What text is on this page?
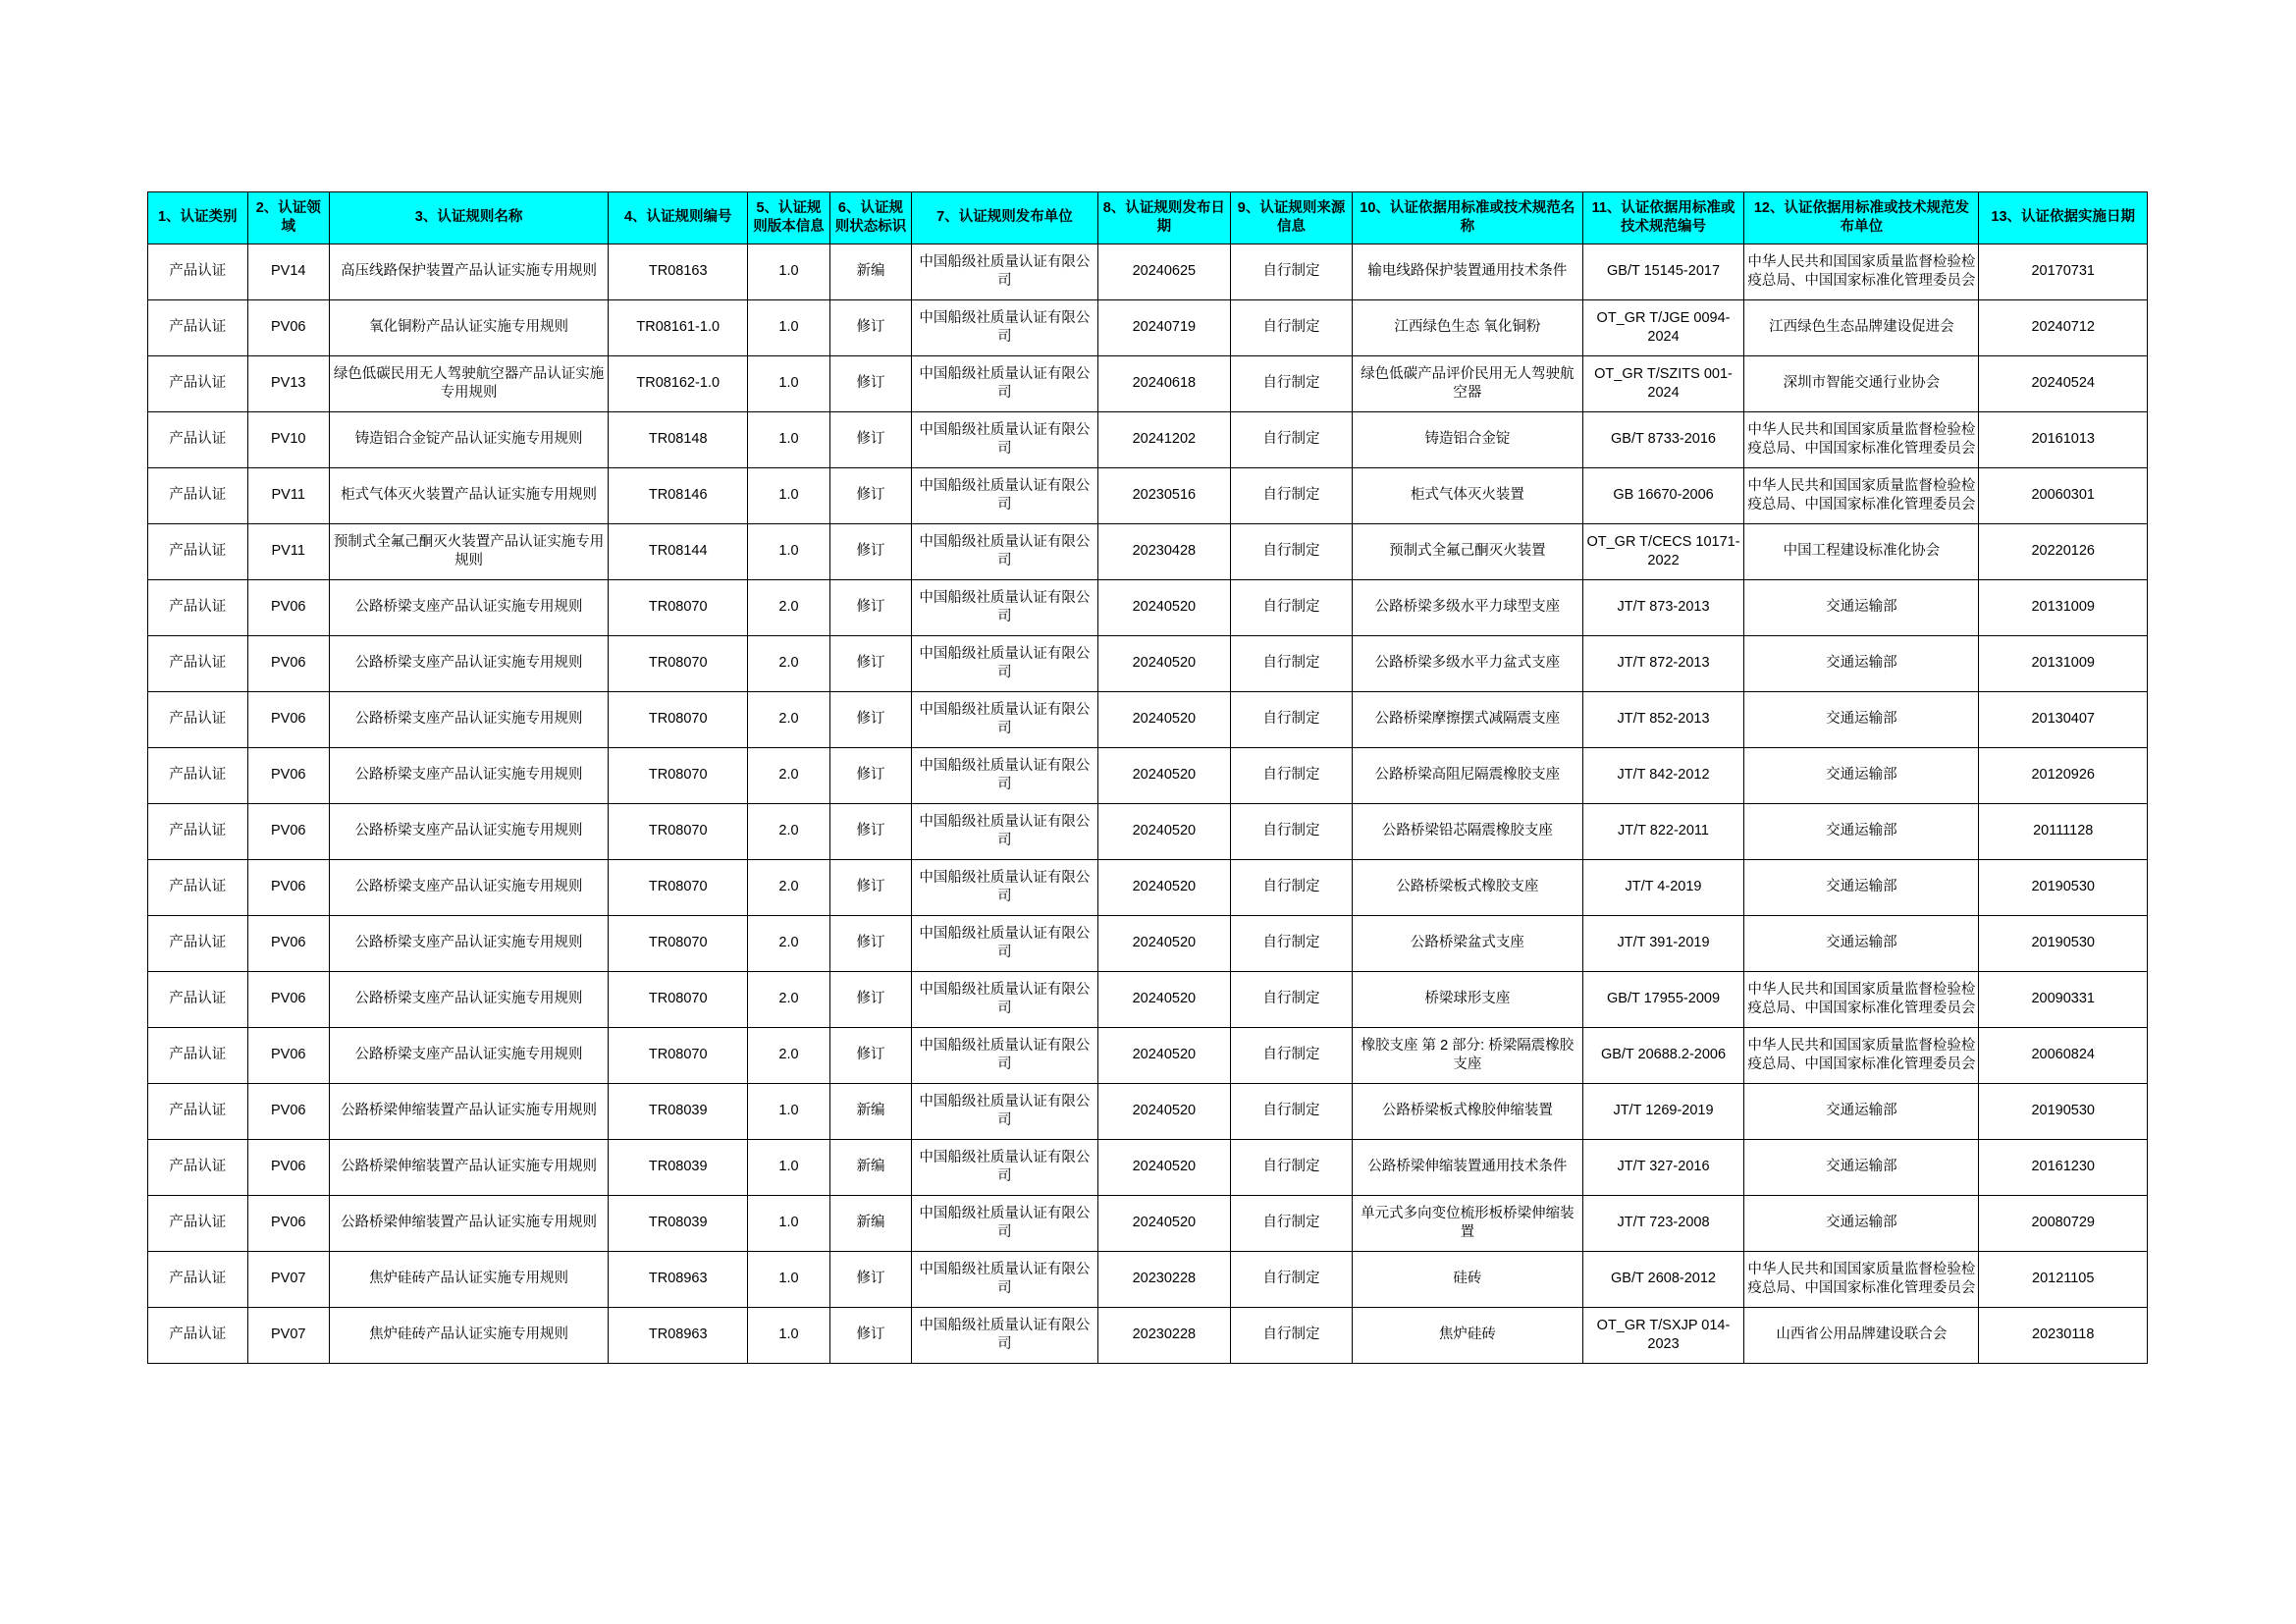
1、认证类别	2、认证领域	3、认证规则名称	4、认证规则编号	5、认证规则版本信息	6、认证规则状态标识	7、认证规则发布单位	8、认证规则发布日期	9、认证规则来源信息	10、认证依据用标准或技术规范名称	11、认证依据用标准或技术规范编号	12、认证依据用标准或技术规范发布单位	13、认证依据实施日期
产品认证	PV14	高压线路保护装置产品认证实施专用规则	TR08163	1.0	新编	中国船级社质量认证有限公司	20240625	自行制定	输电线路保护装置通用技术条件	GB/T 15145-2017	中华人民共和国国家质量监督检验检疫总局、中国国家标准化管理委员会	20170731
产品认证	PV06	氧化铜粉产品认证实施专用规则	TR08161-1.0	1.0	修订	中国船级社质量认证有限公司	20240719	自行制定	江西绿色生态 氧化铜粉	OT_GR T/JGE 0094-2024	江西绿色生态品牌建设促进会	20240712
产品认证	PV13	绿色低碳民用无人驾驶航空器产品认证实施专用规则	TR08162-1.0	1.0	修订	中国船级社质量认证有限公司	20240618	自行制定	绿色低碳产品评价民用无人驾驶航空器	OT_GR T/SZITS 001-2024	深圳市智能交通行业协会	20240524
产品认证	PV10	铸造铝合金锭产品认证实施专用规则	TR08148	1.0	修订	中国船级社质量认证有限公司	20241202	自行制定	铸造铝合金锭	GB/T 8733-2016	中华人民共和国国家质量监督检验检疫总局、中国国家标准化管理委员会	20161013
产品认证	PV11	柜式气体灭火装置产品认证实施专用规则	TR08146	1.0	修订	中国船级社质量认证有限公司	20230516	自行制定	柜式气体灭火装置	GB 16670-2006	中华人民共和国国家质量监督检验检疫总局、中国国家标准化管理委员会	20060301
产品认证	PV11	预制式全氟己酮灭火装置产品认证实施专用规则	TR08144	1.0	修订	中国船级社质量认证有限公司	20230428	自行制定	预制式全氟己酮灭火装置	OT_GR T/CECS 10171-2022	中国工程建设标准化协会	20220126
产品认证	PV06	公路桥梁支座产品认证实施专用规则	TR08070	2.0	修订	中国船级社质量认证有限公司	20240520	自行制定	公路桥梁多级水平力球型支座	JT/T 873-2013	交通运输部	20131009
产品认证	PV06	公路桥梁支座产品认证实施专用规则	TR08070	2.0	修订	中国船级社质量认证有限公司	20240520	自行制定	公路桥梁多级水平力盆式支座	JT/T 872-2013	交通运输部	20131009
产品认证	PV06	公路桥梁支座产品认证实施专用规则	TR08070	2.0	修订	中国船级社质量认证有限公司	20240520	自行制定	公路桥梁摩擦摆式减隔震支座	JT/T 852-2013	交通运输部	20130407
产品认证	PV06	公路桥梁支座产品认证实施专用规则	TR08070	2.0	修订	中国船级社质量认证有限公司	20240520	自行制定	公路桥梁高阻尼隔震橡胶支座	JT/T 842-2012	交通运输部	20120926
产品认证	PV06	公路桥梁支座产品认证实施专用规则	TR08070	2.0	修订	中国船级社质量认证有限公司	20240520	自行制定	公路桥梁铅芯隔震橡胶支座	JT/T 822-2011	交通运输部	20111128
产品认证	PV06	公路桥梁支座产品认证实施专用规则	TR08070	2.0	修订	中国船级社质量认证有限公司	20240520	自行制定	公路桥梁板式橡胶支座	JT/T 4-2019	交通运输部	20190530
产品认证	PV06	公路桥梁支座产品认证实施专用规则	TR08070	2.0	修订	中国船级社质量认证有限公司	20240520	自行制定	公路桥梁盆式支座	JT/T 391-2019	交通运输部	20190530
产品认证	PV06	公路桥梁支座产品认证实施专用规则	TR08070	2.0	修订	中国船级社质量认证有限公司	20240520	自行制定	桥梁球形支座	GB/T 17955-2009	中华人民共和国国家质量监督检验检疫总局、中国国家标准化管理委员会	20090331
产品认证	PV06	公路桥梁支座产品认证实施专用规则	TR08070	2.0	修订	中国船级社质量认证有限公司	20240520	自行制定	橡胶支座 第 2 部分: 桥梁隔震橡胶支座	GB/T 20688.2-2006	中华人民共和国国家质量监督检验检疫总局、中国国家标准化管理委员会	20060824
产品认证	PV06	公路桥梁伸缩装置产品认证实施专用规则	TR08039	1.0	新编	中国船级社质量认证有限公司	20240520	自行制定	公路桥梁板式橡胶伸缩装置	JT/T 1269-2019	交通运输部	20190530
产品认证	PV06	公路桥梁伸缩装置产品认证实施专用规则	TR08039	1.0	新编	中国船级社质量认证有限公司	20240520	自行制定	公路桥梁伸缩装置通用技术条件	JT/T 327-2016	交通运输部	20161230
产品认证	PV06	公路桥梁伸缩装置产品认证实施专用规则	TR08039	1.0	新编	中国船级社质量认证有限公司	20240520	自行制定	单元式多向变位梳形板桥梁伸缩装置	JT/T 723-2008	交通运输部	20080729
产品认证	PV07	焦炉硅砖产品认证实施专用规则	TR08963	1.0	修订	中国船级社质量认证有限公司	20230228	自行制定	硅砖	GB/T 2608-2012	中华人民共和国国家质量监督检验检疫总局、中国国家标准化管理委员会	20121105
产品认证	PV07	焦炉硅砖产品认证实施专用规则	TR08963	1.0	修订	中国船级社质量认证有限公司	20230228	自行制定	焦炉硅砖	OT_GR T/SXJP 014-2023	山西省公用品牌建设联合会	20230118
